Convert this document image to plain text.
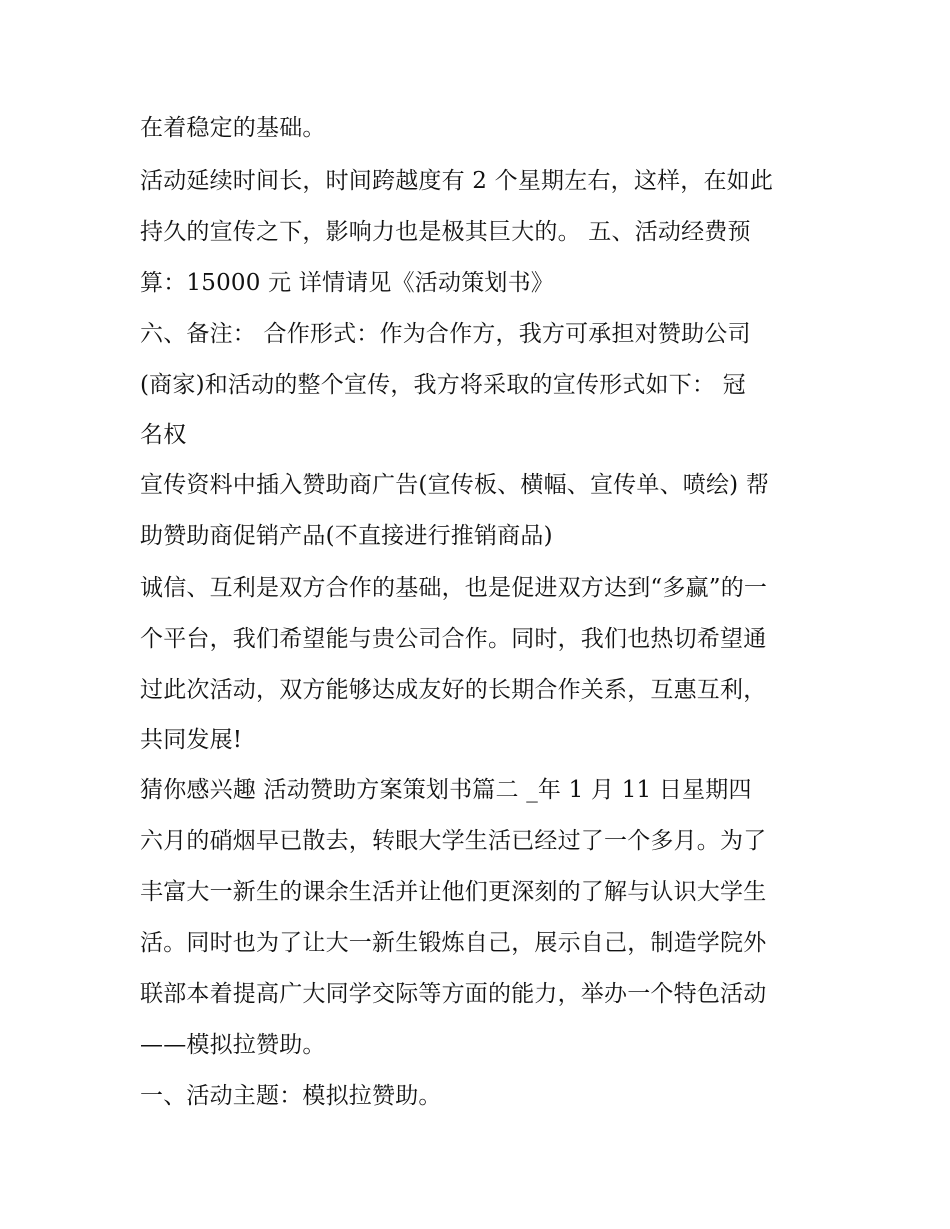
在着稳定的基础。

活动延续时间长，时间跨越度有 2 个星期左右，这样，在如此

持久的宣传之下，影响力也是极其巨大的。 五、活动经费预

算：15000 元 详情请见《活动策划书》

六、备注： 合作形式：作为合作方，我方可承担对赞助公司

(商家)和活动的整个宣传，我方将采取的宣传形式如下： 冠

名权

宣传资料中插入赞助商广告(宣传板、横幅、宣传单、喷绘) 帮

助赞助商促销产品(不直接进行推销商品)

诚信、互利是双方合作的基础，也是促进双方达到“多赢”的一

个平台，我们希望能与贵公司合作。同时，我们也热切希望通

过此次活动，双方能够达成友好的长期合作关系，互惠互利，

共同发展!

猜你感兴趣 活动赞助方案策划书篇二 _年 1 月 11 日星期四

六月的硝烟早已散去，转眼大学生活已经过了一个多月。为了

丰富大一新生的课余生活并让他们更深刻的了解与认识大学生

活。同时也为了让大一新生锻炼自己，展示自己，制造学院外

联部本着提高广大同学交际等方面的能力，举办一个特色活动

——模拟拉赞助。

一、活动主题：模拟拉赞助。
